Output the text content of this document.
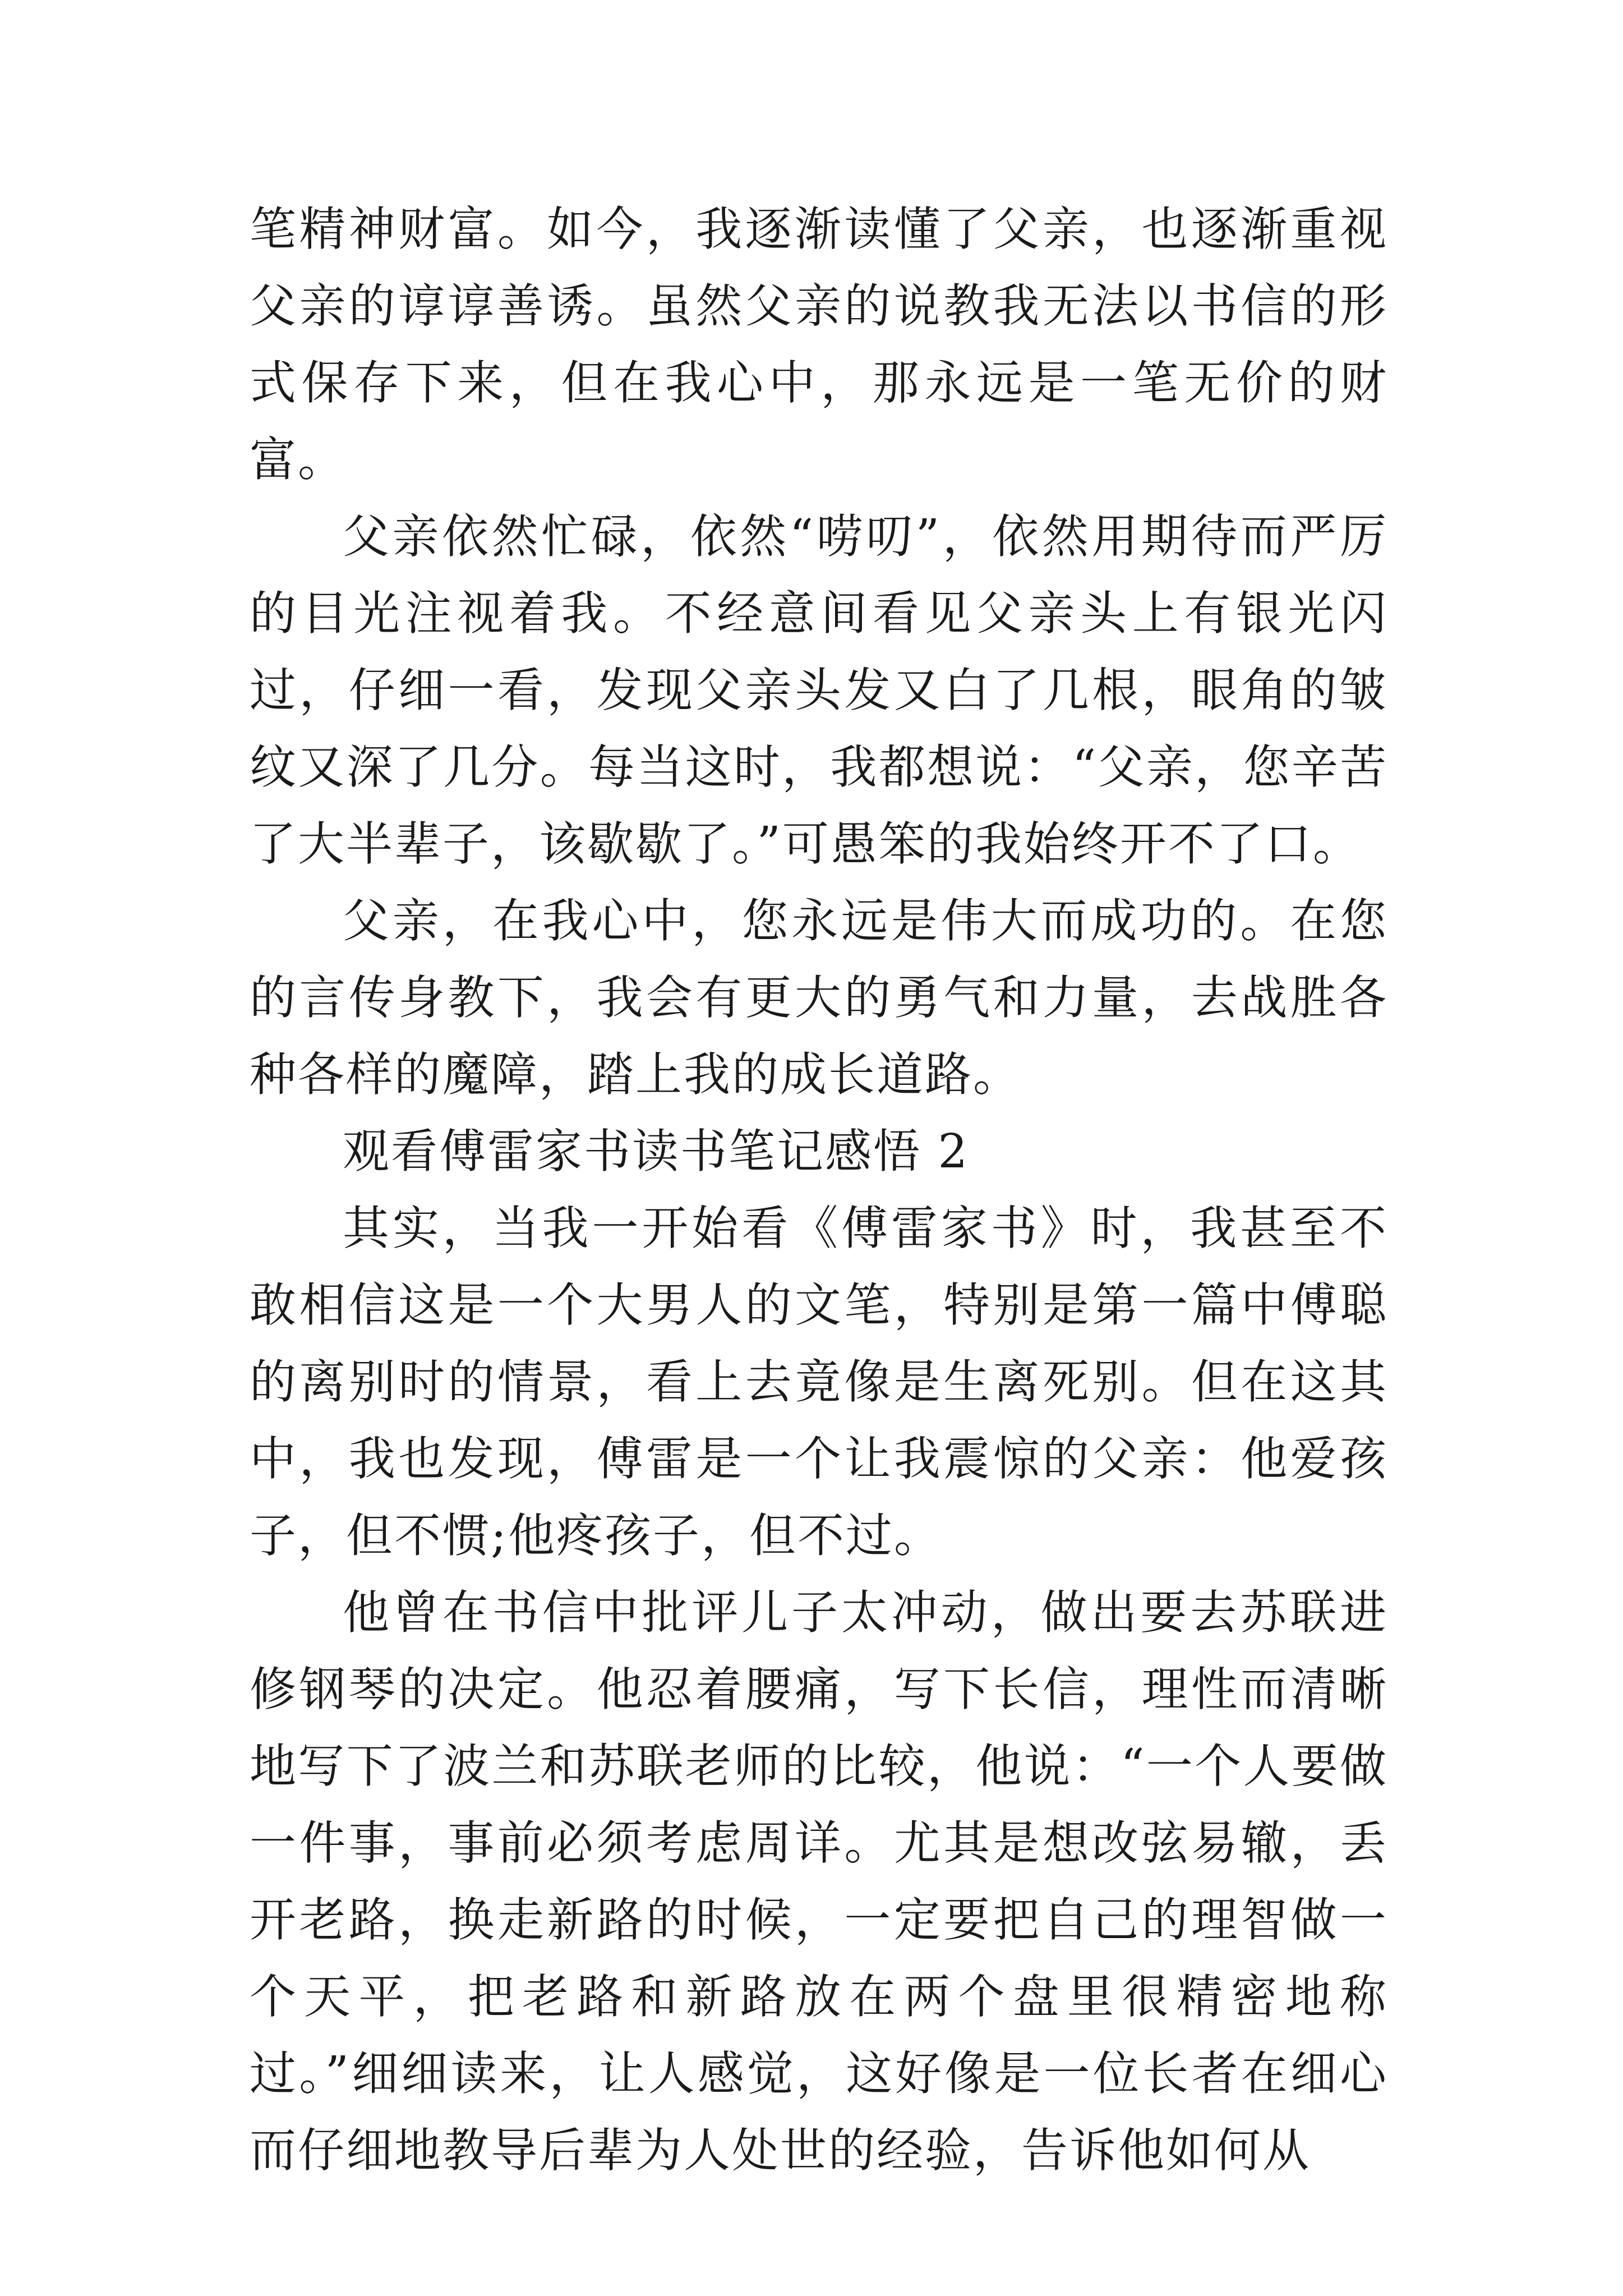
笔精神财富。如今，我逐渐读懂了父亲，也逐渐重视父亲的谆谆善诱。虽然父亲的说教我无法以书信的形式保存下来，但在我心中，那永远是一笔无价的财富。

父亲依然忙碌，依然“唠叨”，依然用期待而严厉的目光注视着我。不经意间看见父亲头上有银光闪过，仔细一看，发现父亲头发又白了几根，眼角的皱纹又深了几分。每当这时，我都想说：“父亲，您辛苦了大半辈子，该歇歇了。”可愚笨的我始终开不了口。

父亲，在我心中，您永远是伟大而成功的。在您的言传身教下，我会有更大的勇气和力量，去战胜各种各样的魔障，踏上我的成长道路。

观看傅雷家书读书笔记感悟 2

其实，当我一开始看《傅雷家书》时，我甚至不敢相信这是一个大男人的文笔，特别是第一篇中傅聪的离别时的情景，看上去竟像是生离死别。但在这其中，我也发现，傅雷是一个让我震惊的父亲：他爱孩子，但不惯;他疼孩子，但不过。

他曾在书信中批评儿子太冲动，做出要去苏联进修钢琴的决定。他忍着腰痛，写下长信，理性而清晰地写下了波兰和苏联老师的比较，他说：“一个人要做一件事，事前必须考虑周详。尤其是想改弦易辙，丢开老路，换走新路的时候，一定要把自己的理智做一个天平，把老路和新路放在两个盘里很精密地称过。”细细读来，让人感觉，这好像是一位长者在细心而仔细地教导后辈为人处世的经验，告诉他如何从
